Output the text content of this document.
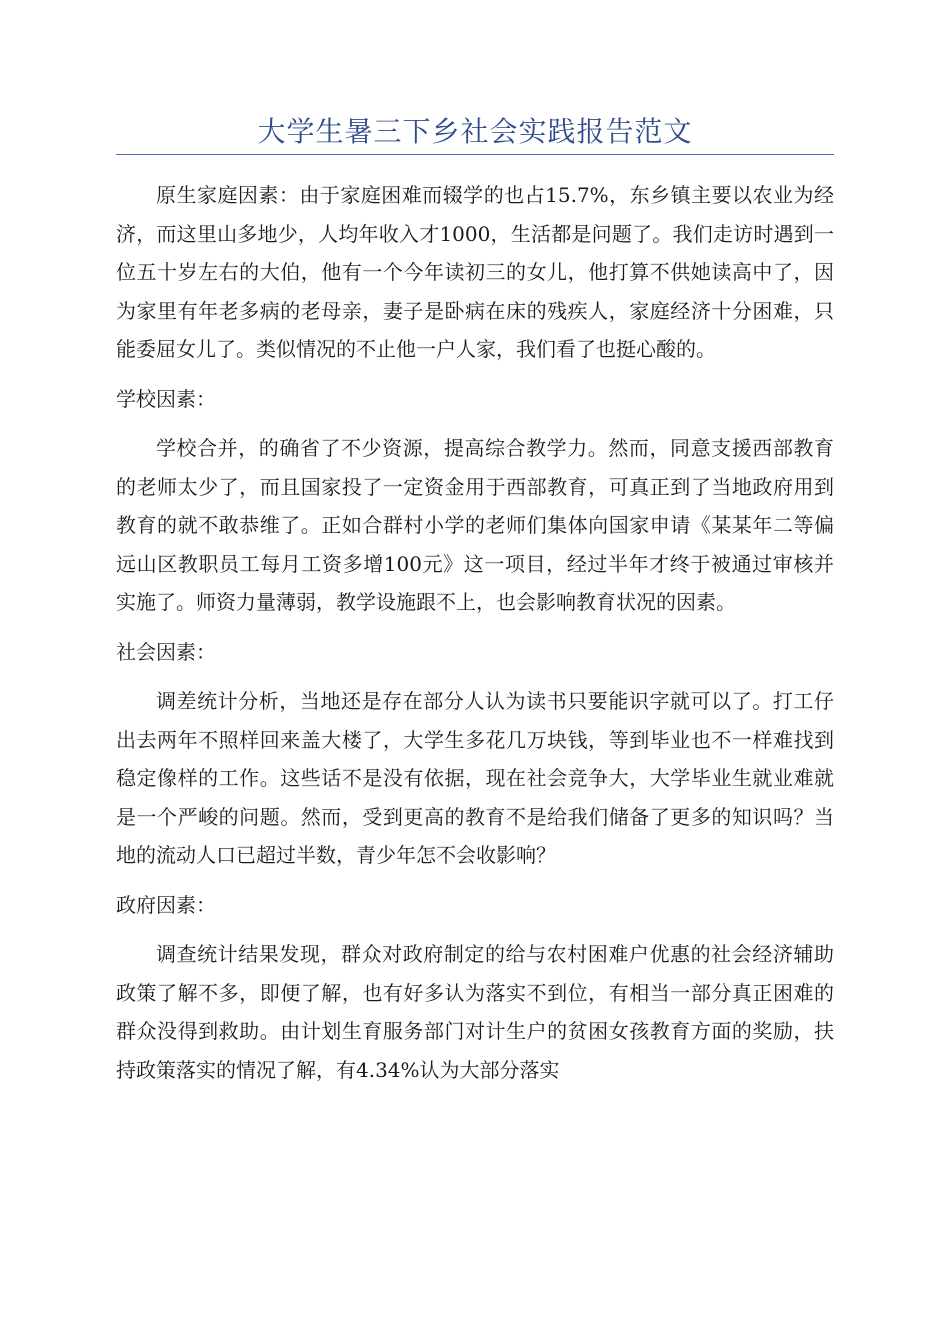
大学生暑三下乡社会实践报告范文

原生家庭因素：由于家庭困难而辍学的也占15.7%，东乡镇主要以农业为经济，而这里山多地少，人均年收入才1000，生活都是问题了。我们走访时遇到一位五十岁左右的大伯，他有一个今年读初三的女儿，他打算不供她读高中了，因为家里有年老多病的老母亲，妻子是卧病在床的残疾人，家庭经济十分困难，只能委屈女儿了。类似情况的不止他一户人家，我们看了也挺心酸的。

学校因素：

学校合并，的确省了不少资源，提高综合教学力。然而，同意支援西部教育的老师太少了，而且国家投了一定资金用于西部教育，可真正到了当地政府用到教育的就不敢恭维了。正如合群村小学的老师们集体向国家申请《某某年二等偏远山区教职员工每月工资多增100元》这一项目，经过半年才终于被通过审核并实施了。师资力量薄弱，教学设施跟不上，也会影响教育状况的因素。

社会因素：

调差统计分析，当地还是存在部分人认为读书只要能识字就可以了。打工仔出去两年不照样回来盖大楼了，大学生多花几万块钱，等到毕业也不一样难找到稳定像样的工作。这些话不是没有依据，现在社会竞争大，大学毕业生就业难就是一个严峻的问题。然而，受到更高的教育不是给我们储备了更多的知识吗？当地的流动人口已超过半数，青少年怎不会收影响？

政府因素：

调查统计结果发现，群众对政府制定的给与农村困难户优惠的社会经济辅助政策了解不多，即便了解，也有好多认为落实不到位，有相当一部分真正困难的群众没得到救助。由计划生育服务部门对计生户的贫困女孩教育方面的奖励，扶持政策落实的情况了解，有4.34%认为大部分落实
